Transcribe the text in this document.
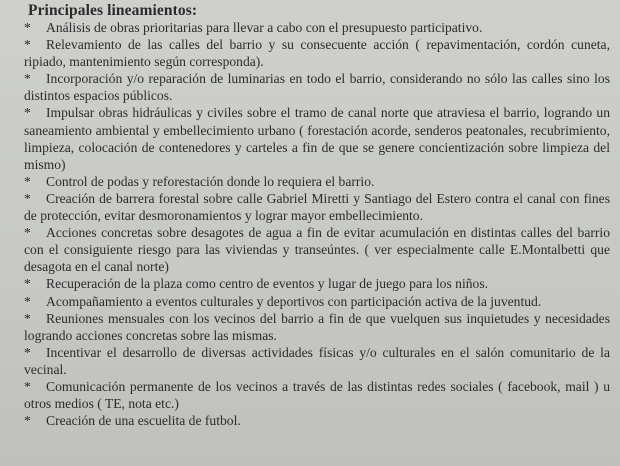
Principales lineamientos:
* Análisis de obras prioritarias para llevar a cabo con el presupuesto participativo.
* Relevamiento de las calles del barrio y su consecuente acción ( repavimentación, cordón cuneta, ripiado, mantenimiento según corresponda).
* Incorporación y/o reparación de luminarias en todo el barrio, considerando no sólo las calles sino los distintos espacios públicos.
* Impulsar obras hidráulicas y civiles sobre el tramo de canal norte que atraviesa el barrio, logrando un saneamiento ambiental y embellecimiento urbano ( forestación acorde, senderos peatonales, recubrimiento, limpieza, colocación de contenedores y carteles a fin de que se genere concientización sobre limpieza del mismo)
* Control de podas y reforestación donde lo requiera el barrio.
* Creación de barrera forestal sobre calle Gabriel Miretti y Santiago del Estero contra el canal con fines de protección, evitar desmoronamientos y lograr mayor embellecimiento.
* Acciones concretas sobre desagotes de agua a fin de evitar acumulación en distintas calles del barrio con el consiguiente riesgo para las viviendas y transeúntes. ( ver especialmente calle E.Montalbetti que desagota en el canal norte)
* Recuperación de la plaza como centro de eventos y lugar de juego para los niños.
* Acompañamiento a eventos culturales y deportivos con participación activa de la juventud.
* Reuniones mensuales con los vecinos del barrio a fin de que vuelquen sus inquietudes y necesidades logrando acciones concretas sobre las mismas.
* Incentivar el desarrollo de diversas actividades físicas y/o culturales en el salón comunitario de la vecinal.
* Comunicación permanente de los vecinos a través de las distintas redes sociales ( facebook, mail ) u otros medios ( TE, nota etc.)
* Creación de una escuelita de futbol.
